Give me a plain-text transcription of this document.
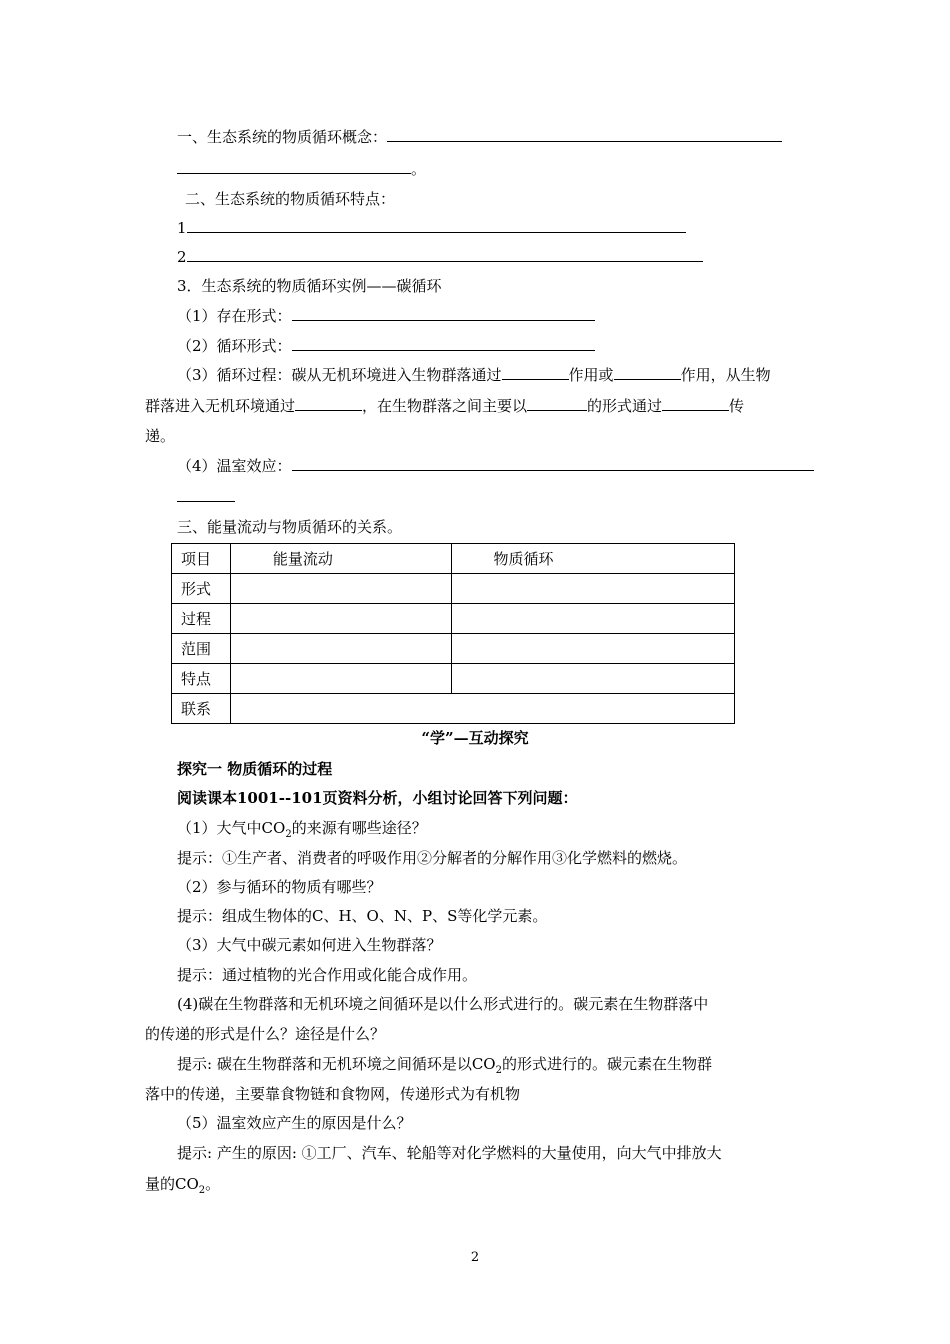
一、生态系统的物质循环概念：
。
二、生态系统的物质循环特点：
1
2
3．生态系统的物质循环实例——碳循环
（1）存在形式：
（2）循环形式：
（3）循环过程：碳从无机环境进入生物群落通过	作用或	作用，从生物
群落进入无机环境通过	，在生物群落之间主要以	的形式通过	传
递。
（4）温室效应：
三、能量流动与物质循环的关系。
项目	能量流动	物质循环
形式		
过程		
范围		
特点		
联系		
“学”—互动探究
探究一 物质循环的过程
阅读课本1001--101页资料分析，小组讨论回答下列问题：
（1）大气中$CO_2$的来源有哪些途径？
提示：①生产者、消费者的呼吸作用②分解者的分解作用③化学燃料的燃烧。
（2）参与循环的物质有哪些？
提示：组成生物体的C、H、O、N、P、S等化学元素。
（3）大气中碳元素如何进入生物群落？
提示：通过植物的光合作用或化能合成作用。
(4)碳在生物群落和无机环境之间循环是以什么形式进行的。碳元素在生物群落中
的传递的形式是什么？途径是什么？
提示: 碳在生物群落和无机环境之间循环是以$CO_2$的形式进行的。碳元素在生物群
落中的传递，主要靠食物链和食物网，传递形式为有机物
（5）温室效应产生的原因是什么？
提示: 产生的原因: ①工厂、汽车、轮船等对化学燃料的大量使用，向大气中排放大
量的$CO_2$。
2
